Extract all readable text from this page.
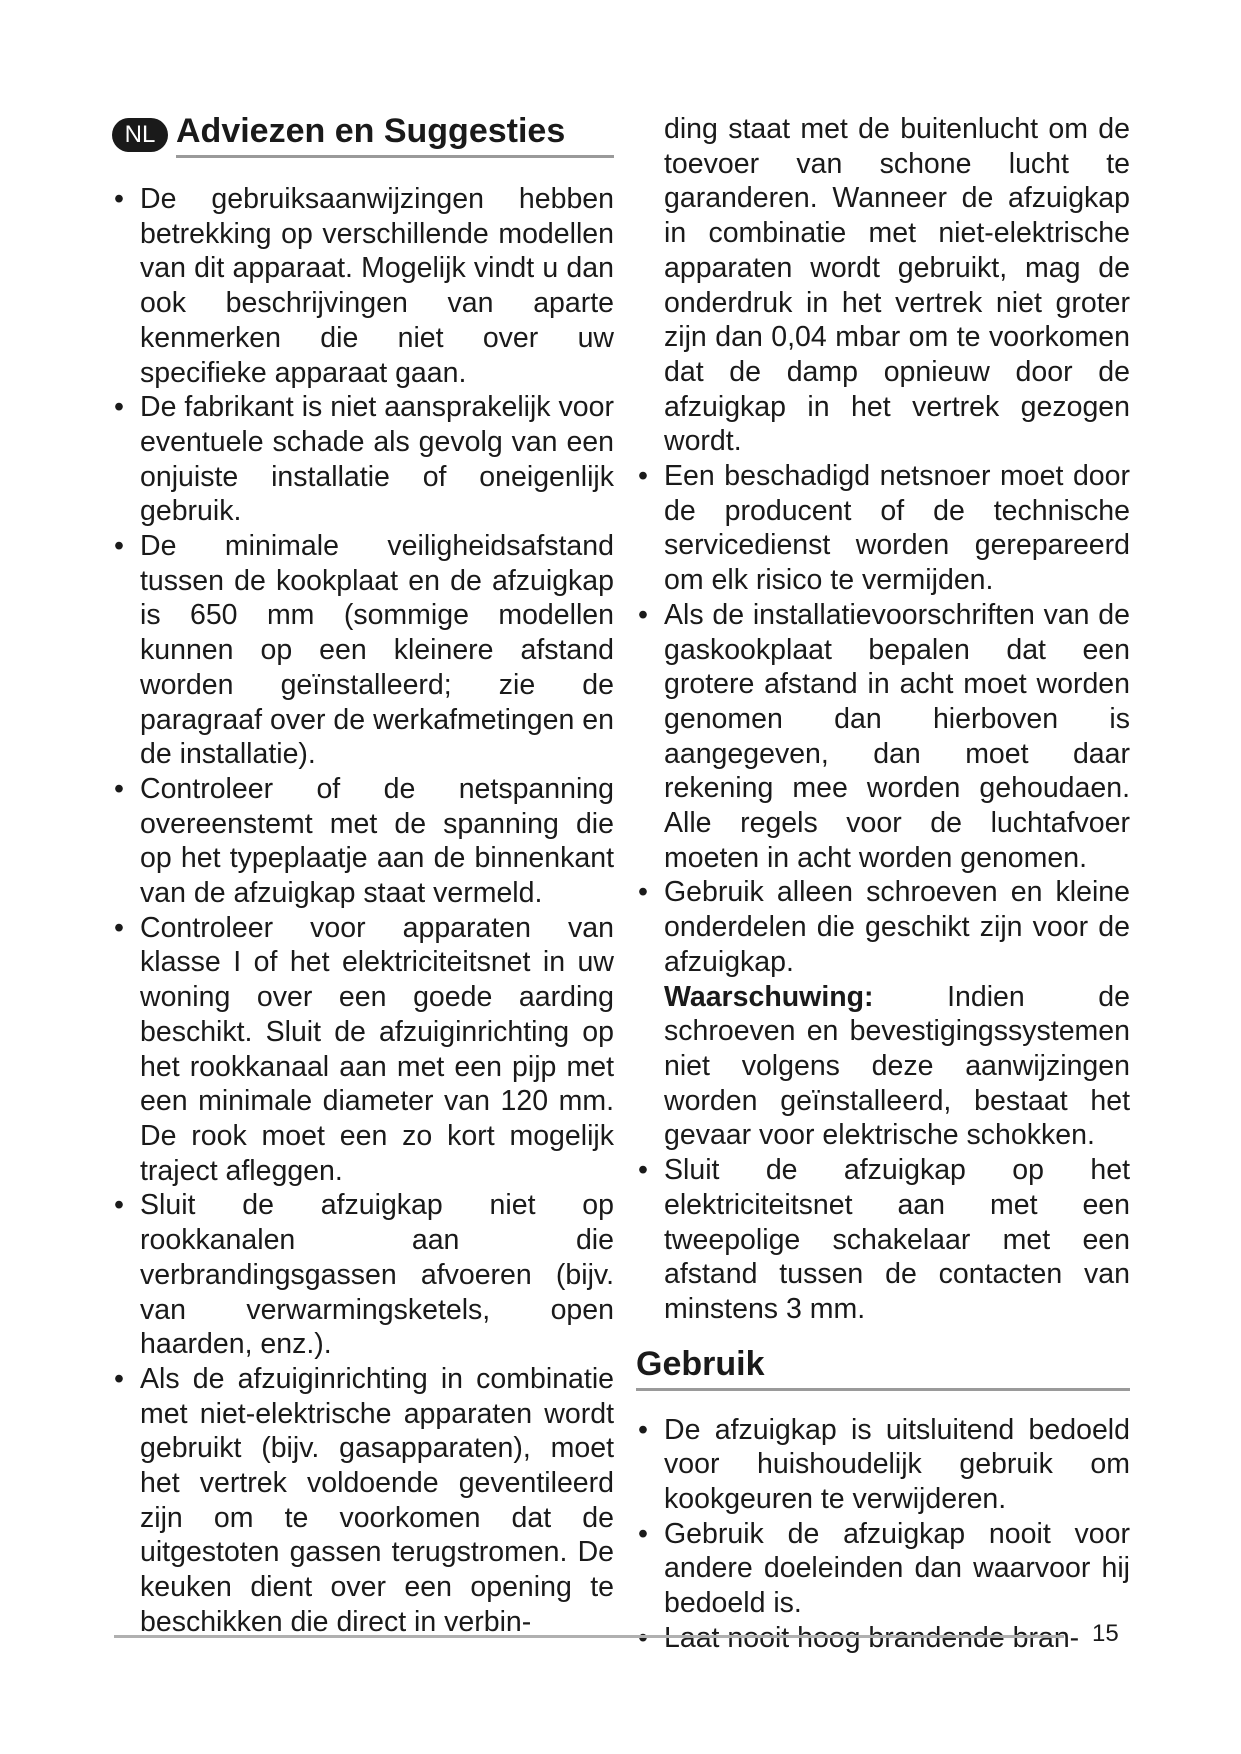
NL Adviezen en Suggesties
• De gebruiksaanwijzingen hebben betrekking op verschillende modellen van dit apparaat. Mogelijk vindt u dan ook beschrijvingen van aparte kenmerken die niet over uw specifieke apparaat gaan.
• De fabrikant is niet aansprakelijk voor eventuele schade als gevolg van een onjuiste installatie of oneigenlijk gebruik.
• De minimale veiligheidsafstand tussen de kookplaat en de afzuigkap is 650 mm (sommige modellen kunnen op een kleinere afstand worden geïnstalleerd; zie de paragraaf over de werkafmetingen en de installatie).
• Controleer of de netspanning overeenstemt met de spanning die op het typeplaatje aan de binnenkant van de afzuigkap staat vermeld.
• Controleer voor apparaten van klasse I of het elektriciteitsnet in uw woning over een goede aarding beschikt. Sluit de afzuiginrichting op het rookkanaal aan met een pijp met een minimale diameter van 120 mm. De rook moet een zo kort mogelijk traject afleggen.
• Sluit de afzuigkap niet op rookkanalen aan die verbrandingsgassen afvoeren (bijv. van verwarmingsketels, open haarden, enz.).
• Als de afzuiginrichting in combinatie met niet-elektrische apparaten wordt gebruikt (bijv. gasapparaten), moet het vertrek voldoende geventileerd zijn om te voorkomen dat de uitgestoten gassen terugstromen. De keuken dient over een opening te beschikken die direct in verbin-

ding staat met de buitenlucht om de toevoer van schone lucht te garanderen. Wanneer de afzuigkap in combinatie met niet-elektrische apparaten wordt gebruikt, mag de onderdruk in het vertrek niet groter zijn dan 0,04 mbar om te voorkomen dat de damp opnieuw door de afzuigkap in het vertrek gezogen wordt.

• Een beschadigd netsnoer moet door de producent of de technische servicedienst worden gerepareerd om elk risico te vermijden.
• Als de installatievoorschriften van de gaskookplaat bepalen dat een grotere afstand in acht moet worden genomen dan hierboven is aangegeven, dan moet daar rekening mee worden gehoudaen. Alle regels voor de luchtafvoer moeten in acht worden genomen.
• Gebruik alleen schroeven en kleine onderdelen die geschikt zijn voor de afzuigkap.

Waarschuwing:	Indien de schroeven en bevestigingssystemen niet volgens deze aanwijzingen worden geïnstalleerd, bestaat het gevaar voor elektrische schokken.

• Sluit de afzuigkap op het elektriciteitsnet aan met een tweepolige schakelaar met een afstand tussen de contacten van minstens 3 mm.
Gebruik
• De afzuigkap is uitsluitend bedoeld voor huishoudelijk gebruik om kookgeuren te verwijderen.
• Gebruik de afzuigkap nooit voor andere doeleinden dan waarvoor hij bedoeld is.
• Laat nooit hoog brandende bran- 15
